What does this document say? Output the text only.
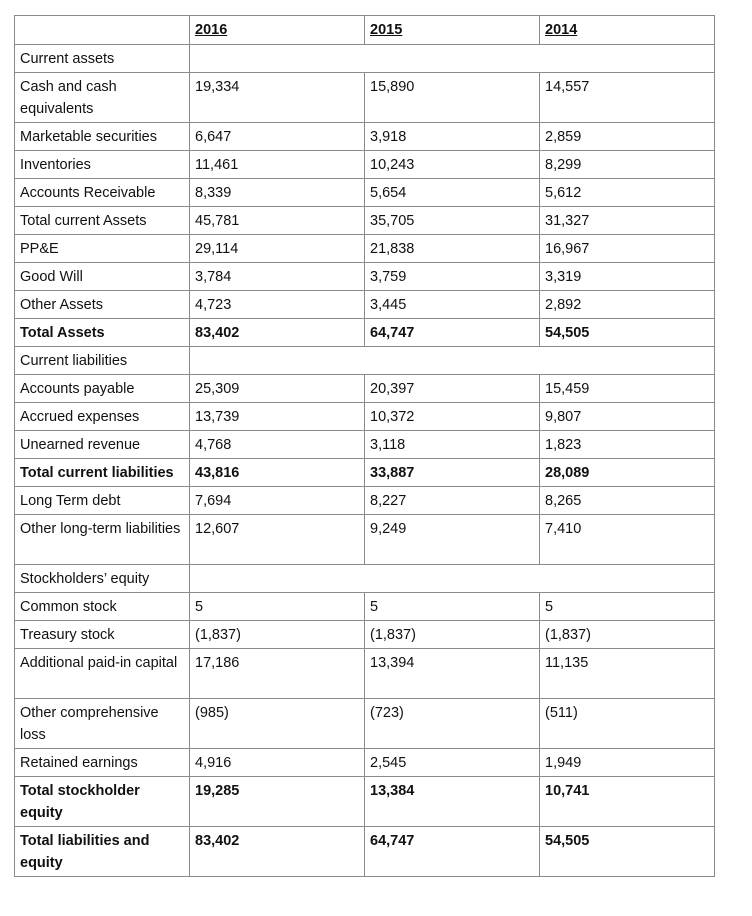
	2016	2015	2014
Current assets			
Cash and cash equivalents	19,334	15,890	14,557
Marketable securities	6,647	3,918	2,859
Inventories	11,461	10,243	8,299
Accounts Receivable	8,339	5,654	5,612
Total current Assets	45,781	35,705	31,327
PP&E	29,114	21,838	16,967
Good Will	3,784	3,759	3,319
Other Assets	4,723	3,445	2,892
Total Assets	83,402	64,747	54,505
Current liabilities			
Accounts payable	25,309	20,397	15,459
Accrued expenses	13,739	10,372	9,807
Unearned revenue	4,768	3,118	1,823
Total current liabilities	43,816	33,887	28,089
Long Term debt	7,694	8,227	8,265
Other long-term liabilities	12,607	9,249	7,410
Stockholders’ equity			
Common stock	5	5	5
Treasury stock	(1,837)	(1,837)	(1,837)
Additional paid-in capital	17,186	13,394	11,135
Other comprehensive loss	(985)	(723)	(511)
Retained earnings	4,916	2,545	1,949
Total stockholder equity	19,285	13,384	10,741
Total liabilities and equity	83,402	64,747	54,505
